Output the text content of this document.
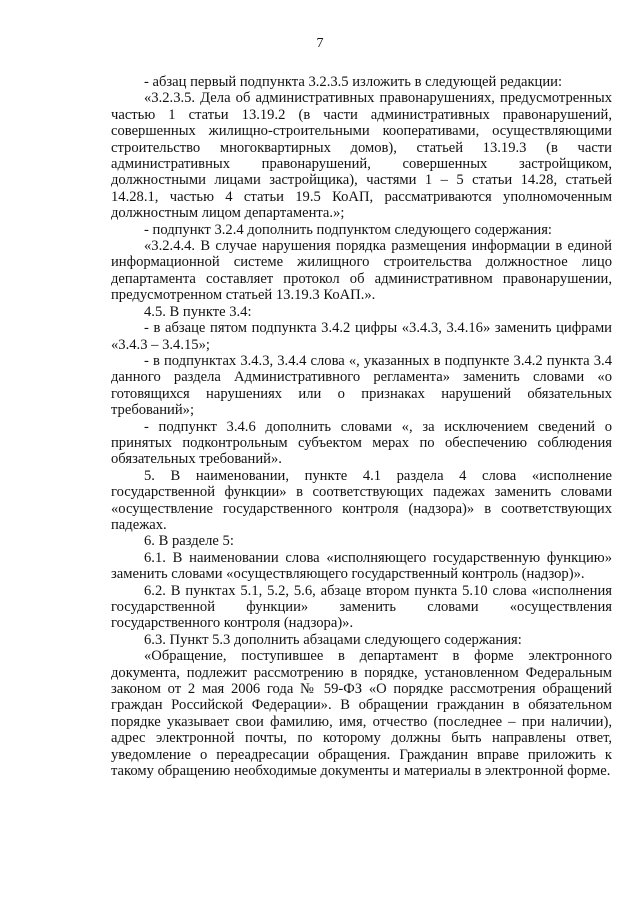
7

- абзац первый подпункта 3.2.3.5 изложить в следующей редакции:

«3.2.3.5. Дела об административных правонарушениях, предусмотренных частью 1 статьи 13.19.2 (в части административных правонарушений, совершенных жилищно-строительными кооперативами, осуществляющими строительство многоквартирных домов), статьей 13.19.3 (в части административных правонарушений, совершенных застройщиком, должностными лицами застройщика), частями 1 – 5 статьи 14.28, статьей 14.28.1, частью 4 статьи 19.5 КоАП, рассматриваются уполномоченным должностным лицом департамента.»;

- подпункт 3.2.4 дополнить подпунктом следующего содержания:

«3.2.4.4. В случае нарушения порядка размещения информации в единой информационной системе жилищного строительства должностное лицо департамента составляет протокол об административном правонарушении, предусмотренном статьей 13.19.3 КоАП.».

4.5. В пункте 3.4:

- в абзаце пятом подпункта 3.4.2 цифры «3.4.3, 3.4.16» заменить цифрами «3.4.3 – 3.4.15»;

- в подпунктах 3.4.3, 3.4.4 слова «, указанных в подпункте 3.4.2 пункта 3.4 данного раздела Административного регламента» заменить словами «о готовящихся нарушениях или о признаках нарушений обязательных требований»;

- подпункт 3.4.6 дополнить словами «, за исключением сведений о принятых подконтрольным субъектом мерах по обеспечению соблюдения обязательных требований».

5. В наименовании, пункте 4.1 раздела 4 слова «исполнение государственной функции» в соответствующих падежах заменить словами «осуществление государственного контроля (надзора)» в соответствующих падежах.

6. В разделе 5:

6.1. В наименовании слова «исполняющего государственную функцию» заменить словами «осуществляющего государственный контроль (надзор)».

6.2. В пунктах 5.1, 5.2, 5.6, абзаце втором пункта 5.10 слова «исполнения государственной функции» заменить словами «осуществления государственного контроля (надзора)».

6.3. Пункт 5.3 дополнить абзацами следующего содержания:

«Обращение, поступившее в департамент в форме электронного документа, подлежит рассмотрению в порядке, установленном Федеральным законом от 2 мая 2006 года № 59-ФЗ «О порядке рассмотрения обращений граждан Российской Федерации». В обращении гражданин в обязательном порядке указывает свои фамилию, имя, отчество (последнее – при наличии), адрес электронной почты, по которому должны быть направлены ответ, уведомление о переадресации обращения. Гражданин вправе приложить к такому обращению необходимые документы и материалы в электронной форме.
